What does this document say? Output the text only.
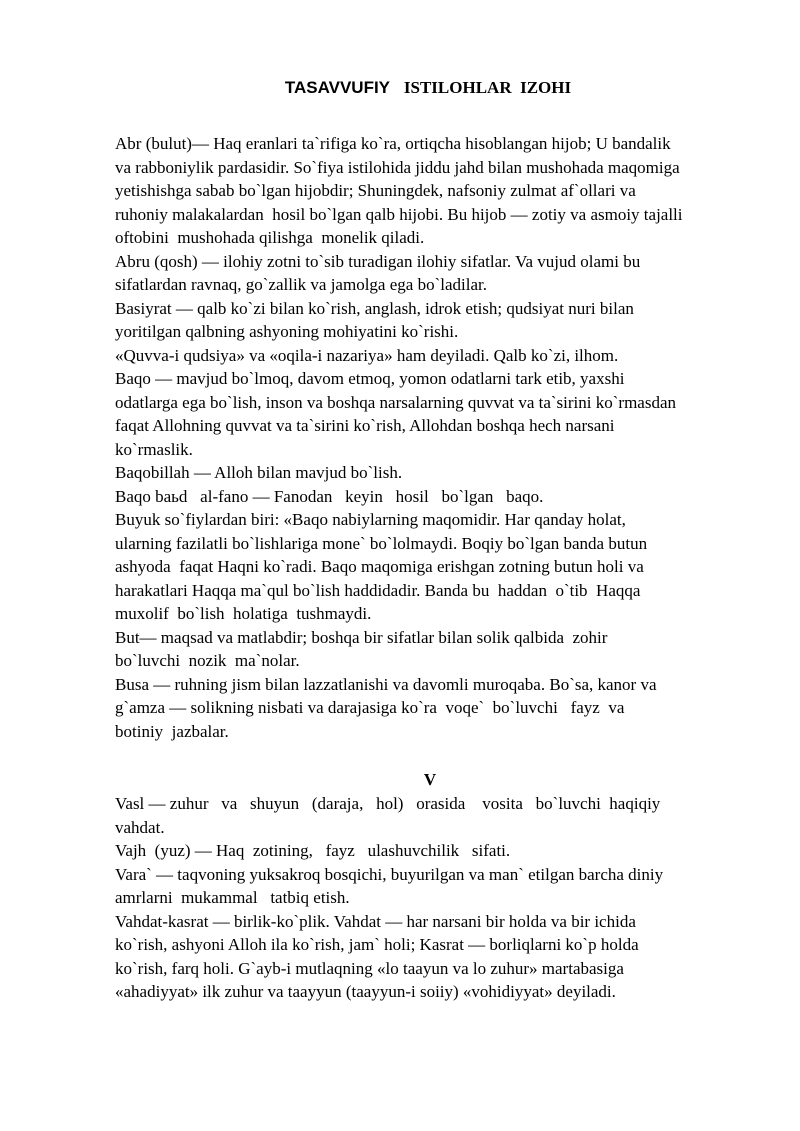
TASAVVUFIY ISTILOHLAR  IZOHI
Abr (bulut)— Haq eranlari ta`rifiga ko`ra, ortiqcha hisoblangan hijob; U bandalik
va rabboniylik pardasidir. So`fiya istilohida jiddu jahd bilan mushohada maqomiga
yetishishga sabab bo`lgan hijobdir; Shuningdek, nafsoniy zulmat af`ollari va
ruhoniy malakalardan  hosil bo`lgan qalb hijobi. Bu hijob — zotiy va asmoiy tajalli
oftobini  mushohada qilishga  monelik qiladi.
Abru (qosh) — ilohiy zotni to`sib turadigan ilohiy sifatlar. Va vujud olami bu
sifatlardan ravnaq, go`zallik va jamolga ega bo`ladilar.
Basiyrat — qalb ko`zi bilan ko`rish, anglash, idrok etish; qudsiyat nuri bilan
yoritilgan qalbning ashyoning mohiyatini ko`rishi.
«Quvva-i qudsiya» va «oqila-i nazariya» ham deyiladi. Qalb ko`zi, ilhom.
Baqo — mavjud bo`lmoq, davom etmoq, yomon odatlarni tark etib, yaxshi
odatlarga ega bo`lish, inson va boshqa narsalarning quvvat va ta`sirini ko`rmasdan
faqat Allohning quvvat va ta`sirini ko`rish, Allohdan boshqa hech narsani
ko`rmaslik.
Baqobillah — Alloh bilan mavjud bo`lish.
Baqo baьd   al-fano — Fanodan   keyin   hosil   bo`lgan   baqo.
Buyuk so`fiylardan biri: «Baqo nabiylarning maqomidir. Har qanday holat,
ularning fazilatli bo`lishlariga mone` bo`lolmaydi. Boqiy bo`lgan banda butun
ashyoda  faqat Haqni ko`radi. Baqo maqomiga erishgan zotning butun holi va
harakatlari Haqqa ma`qul bo`lish haddidadir. Banda bu  haddan  o`tib  Haqqa
muxolif  bo`lish  holatiga  tushmaydi.
But— maqsad va matlabdir; boshqa bir sifatlar bilan solik qalbida  zohir
bo`luvchi  nozik  ma`nolar.
Busa — ruhning jism bilan lazzatlanishi va davomli muroqaba. Bo`sa, kanor va
g`amza — solikning nisbati va darajasiga ko`ra  voqe`  bo`luvchi   fayz  va
botiniy  jazbalar.
V
Vasl — zuhur   va   shuyun   (daraja,   hol)   orasida    vosita   bo`luvchi  haqiqiy
vahdat.
Vajh  (yuz) — Haq  zotining,   fayz   ulashuvchilik   sifati.
Vara` — taqvoning yuksakroq bosqichi, buyurilgan va man` etilgan barcha diniy
amrlarni  mukammal   tatbiq etish.
Vahdat-kasrat — birlik-ko`plik. Vahdat — har narsani bir holda va bir ichida
ko`rish, ashyoni Alloh ila ko`rish, jam` holi; Kasrat — borliqlarni ko`p holda
ko`rish, farq holi. G`ayb-i mutlaqning «lo taayun va lo zuhur» martabasiga
«ahadiyyat» ilk zuhur va taayyun (taayyun-i soiiy) «vohidiyyat» deyiladi.
